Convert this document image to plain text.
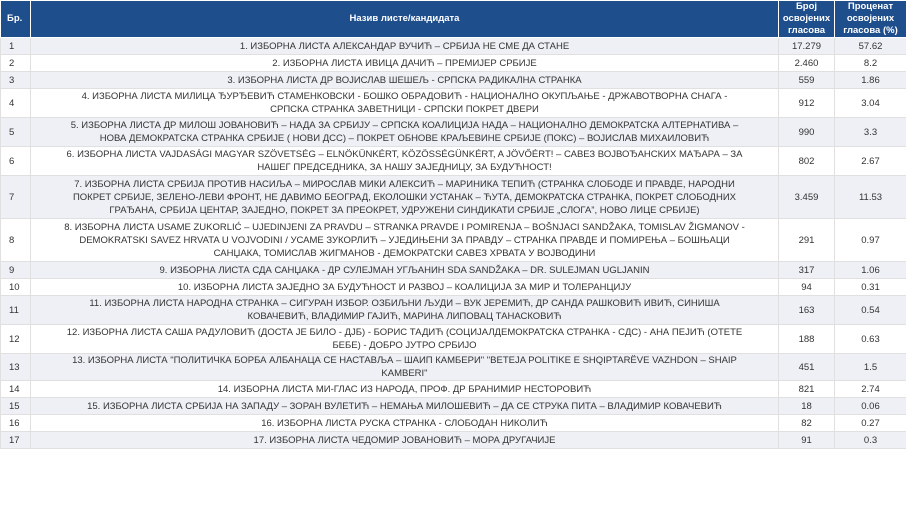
Бр.	Назив листе/кандидата	Број освојених гласова	Проценат освојених гласова (%)
1	1. ИЗБОРНА ЛИСТА АЛЕКСАНДАР ВУЧИЋ – СРБИЈА НЕ СМЕ ДА СТАНЕ	17.279	57.62
2	2. ИЗБОРНА ЛИСТА ИВИЦА ДАЧИЋ – ПРЕМИЈЕР СРБИЈЕ	2.460	8.2
3	3. ИЗБОРНА ЛИСТА ДР ВОЈИСЛАВ ШЕШЕЉ - СРПСКА РАДИКАЛНА СТРАНКА	559	1.86
4	4. ИЗБОРНА ЛИСТА МИЛИЦА ЂУРЂЕВИЋ СТАМЕНКОВСКИ - БОШКО ОБРАДОВИЋ - НАЦИОНАЛНО ОКУПЉАЊЕ - ДРЖАВОТВОРНА СНАГА - СРПСКА СТРАНКА ЗАВЕТНИЦИ - СРПСКИ ПОКРЕТ ДВЕРИ	912	3.04
5	5. ИЗБОРНА ЛИСТА ДР МИЛОШ ЈОВАНОВИЋ – НАДА ЗА СРБИЈУ – СРПСКА КОАЛИЦИЈА НАДА – НАЦИОНАЛНО ДЕМОКРАТСКА АЛТЕРНАТИВА – НОВА ДЕМОКРАТСКА СТРАНКА СРБИЈЕ ( НОВИ ДСС) – ПОКРЕТ ОБНОВЕ КРАЉЕВИНЕ СРБИЈЕ (ПОКС) – ВОЈИСЛАВ МИХАИЛОВИЋ	990	3.3
6	6. ИЗБОРНА ЛИСТА VAJDASÁGI MAGYAR SZÖVETSÉG – ELNÖKÜNKÉRT, KÖZÖSSÉGÜNKÉRT, A JÖVŐÉRT! – САВЕЗ ВОЈВОЂАНСКИХ МАЂАРА – ЗА НАШЕГ ПРЕДСЕДНИКА, ЗА НАШУ ЗАЈЕДНИЦУ, ЗА БУДУЋНОСТ!	802	2.67
7	7. ИЗБОРНА ЛИСТА СРБИЈА ПРОТИВ НАСИЉА – МИРОСЛАВ МИКИ АЛЕКСИЋ – МАРИНИКА ТЕПИЋ (СТРАНКА СЛОБОДЕ И ПРАВДЕ, НАРОДНИ ПОКРЕТ СРБИЈЕ, ЗЕЛЕНО-ЛЕВИ ФРОНТ, НЕ ДАВИМО БЕОГРАД, ЕКОЛОШКИ УСТАНАК – ЋУТА, ДЕМОКРАТСКА СТРАНКА, ПОКРЕТ СЛОБОДНИХ ГРАЂАНА, СРБИЈА ЦЕНТАР, ЗАЈЕДНО, ПОКРЕТ ЗА ПРЕОКРЕТ, УДРУЖЕНИ СИНДИКАТИ СРБИЈЕ „СЛОГА”, НОВО ЛИЦЕ СРБИЈЕ)	3.459	11.53
8	8. ИЗБОРНА ЛИСТА USAME ZUKORLIĆ – UJEDINJENI ZA PRAVDU – STRANKA PRAVDE I POMIRENJA – BOŠNJACI SANDŽAKA, TOMISLAV ŽIGMANOV - DEMOKRATSKI SAVEZ HRVATA U VOJVODINI / УСАМЕ ЗУКОРЛИЋ – УЈЕДИЊЕНИ ЗА ПРАВДУ – СТРАНКА ПРАВДЕ И ПОМИРЕЊА – БОШЊАЦИ САНЏАКА, ТОМИСЛАВ ЖИГМАНОВ - ДЕМОКРАТСКИ САВЕЗ ХРВАТА У ВОЈВОДИНИ	291	0.97
9	9. ИЗБОРНА ЛИСТА СДА САНЏАКА - ДР СУЛЕЈМАН УГЉАНИН SDA SANDŽAKA – DR. SULEJMAN UGLJANIN	317	1.06
10	10. ИЗБОРНА ЛИСТА ЗАЈЕДНО ЗА БУДУЋНОСТ И РАЗВОЈ – КОАЛИЦИЈА ЗА МИР И ТОЛЕРАНЦИЈУ	94	0.31
11	11. ИЗБОРНА ЛИСТА НАРОДНА СТРАНКА – СИГУРАН ИЗБОР. ОЗБИЉНИ ЉУДИ – ВУК ЈЕРЕМИЋ, ДР САНДА РАШКОВИЋ ИВИЋ, СИНИША КОВАЧЕВИЋ, ВЛАДИМИР ГАЈИЋ, МАРИНА ЛИПОВАЦ ТАНАСКОВИЋ	163	0.54
12	12. ИЗБОРНА ЛИСТА САША РАДУЛОВИЋ (ДОСТА ЈЕ БИЛО - ДЈБ) - БОРИС ТАДИЋ (СОЦИЈАЛДЕМОКРАТСКА СТРАНКА - СДС) - АНА ПЕЈИЋ (ОТЕТЕ БЕБЕ) - ДОБРО ЈУТРО СРБИЈО	188	0.63
13	13. ИЗБОРНА ЛИСТА "ПОЛИТИЧКА БОРБА АЛБАНАЦА СЕ НАСТАВЉА – ШАИП КАМБЕРИ" "BETEJA POLITIKE E SHQIPTARËVE VAZHDON – SHAIP KAMBERI"	451	1.5
14	14. ИЗБОРНА ЛИСТА МИ-ГЛАС ИЗ НАРОДА, ПРОФ. ДР БРАНИМИР НЕСТОРОВИЋ	821	2.74
15	15. ИЗБОРНА ЛИСТА СРБИЈА НА ЗАПАДУ – ЗОРАН ВУЛЕТИЋ – НЕМАЊА МИЛОШЕВИЋ – ДА СЕ СТРУКА ПИТА – ВЛАДИМИР КОВАЧЕВИЋ	18	0.06
16	16. ИЗБОРНА ЛИСТА РУСКА СТРАНКА - СЛОБОДАН НИКОЛИЋ	82	0.27
17	17. ИЗБОРНА ЛИСТА ЧЕДОМИР ЈОВАНОВИЋ – МОРА ДРУГАЧИЈЕ	91	0.3
